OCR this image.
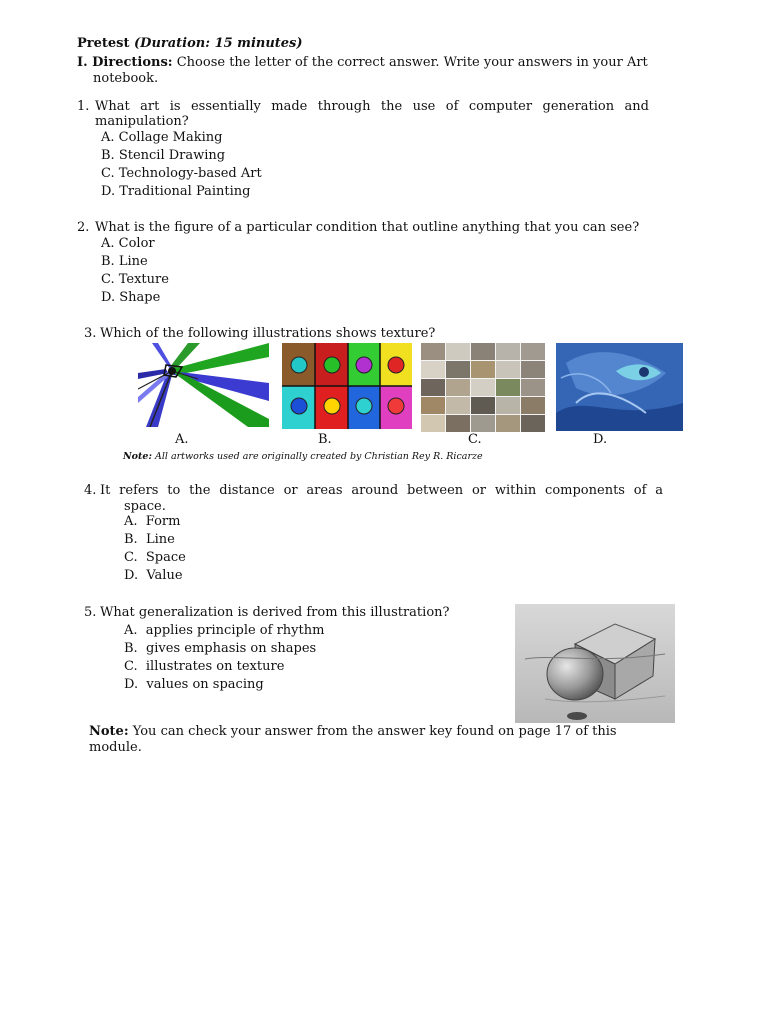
Pretest (Duration: 15 minutes)
I. Directions: Choose the letter of the correct answer. Write your answers in your Art
notebook.
1. What art is essentially made through the use of computer generation and
manipulation?
A. Collage Making
B. Stencil Drawing
C. Technology-based Art
D. Traditional Painting
2. What is the figure of a particular condition that outline anything that you can see?
A. Color
B. Line
C. Texture
D. Shape
3. Which of the following illustrations shows texture?
A.	B.	C.	D.
Note: All artworks used are originally created by Christian Rey R. Ricarze
4. It refers to the distance or areas around between or within components of a
space.
A.  Form
B.  Line
C.  Space
D.  Value
5. What generalization is derived from this illustration?
A.  applies principle of rhythm
B.  gives emphasis on shapes
C.  illustrates on texture
D.  values on spacing
Note: You can check your answer from the answer key found on page 17 of this
module.
